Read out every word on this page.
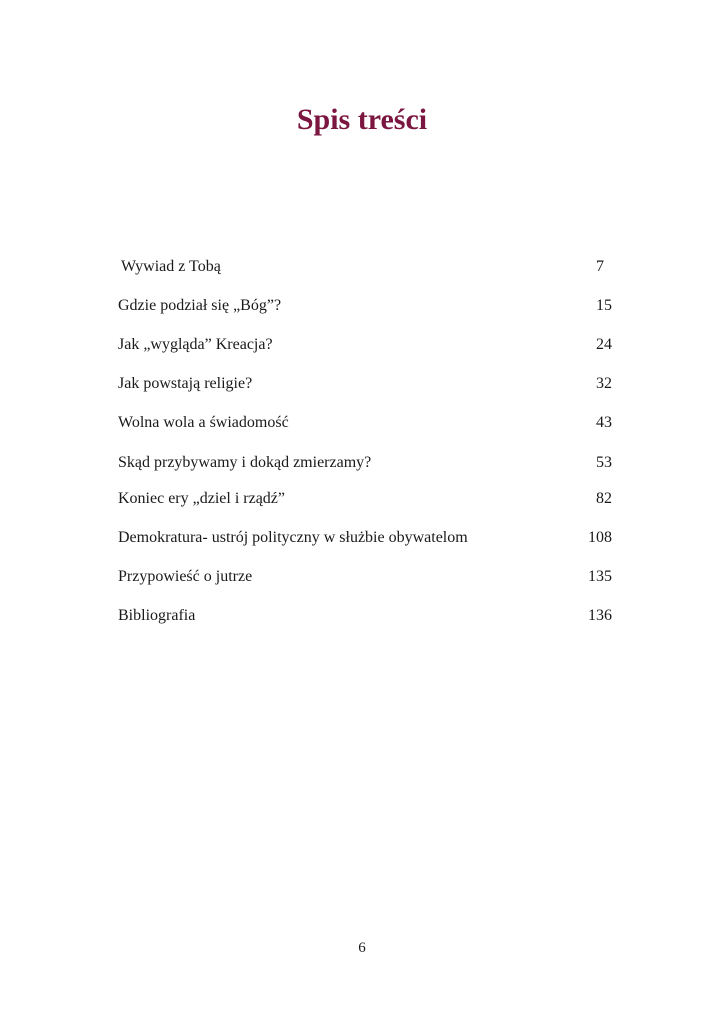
Spis treści
Wywiad z Tobą	7
Gdzie podział się „Bóg”?	15
Jak „wygląda” Kreacja?	24
Jak powstają religie?	32
Wolna wola a świadomość	43
Skąd przybywamy i dokąd zmierzamy?	53
Koniec ery „dziel i rządź”	82
Demokratura- ustrój polityczny w służbie obywatelom	108
Przypowieść o jutrze	135
Bibliografia	136
6
